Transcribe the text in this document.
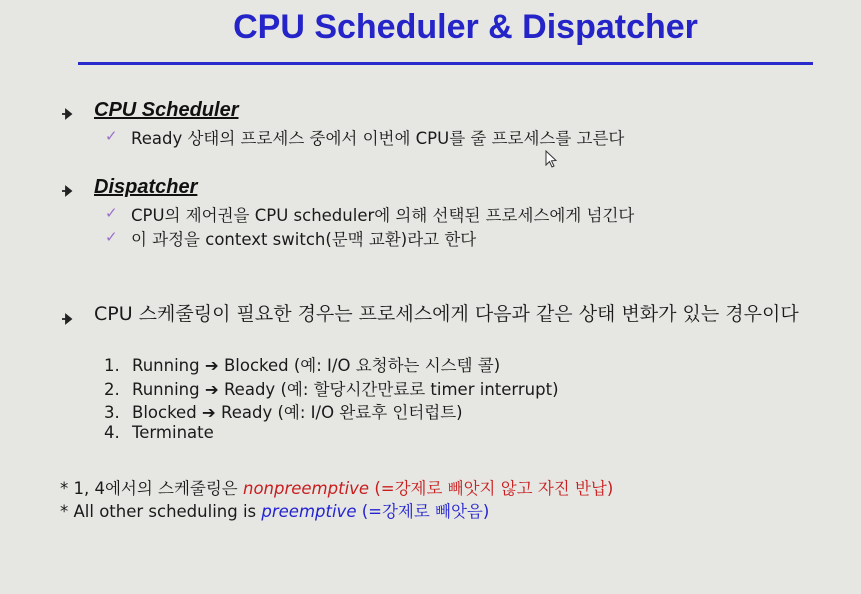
CPU Scheduler & Dispatcher
CPU Scheduler
✓ Ready 상태의 프로세스 중에서 이번에 CPU를 줄 프로세스를 고른다
Dispatcher
✓ CPU의 제어권을 CPU scheduler에 의해 선택된 프로세스에게 넘긴다
✓ 이 과정을 context switch(문맥 교환)라고 한다
CPU 스케줄링이 필요한 경우는 프로세스에게 다음과 같은 상태 변화가 있는 경우이다
1. Running ➔ Blocked (예: I/O 요청하는 시스템 콜)
2. Running ➔ Ready (예: 할당시간만료로 timer interrupt)
3. Blocked ➔ Ready (예: I/O 완료후 인터럽트)
4. Terminate
* 1, 4에서의 스케줄링은 nonpreemptive (=강제로 빼앗지 않고 자진 반납)
* All other scheduling is preemptive (=강제로 빼앗음)
